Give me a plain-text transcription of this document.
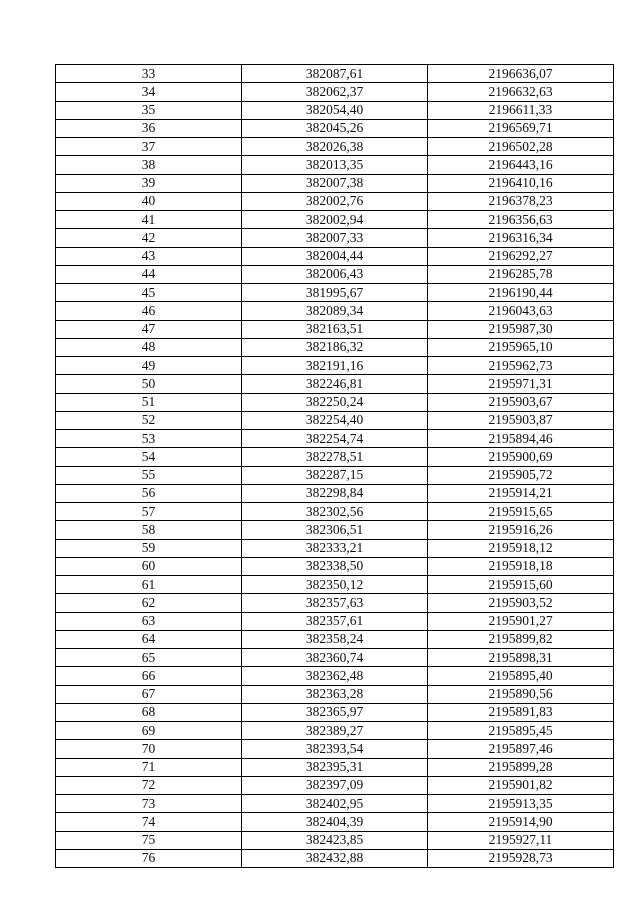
33	382087,61	2196636,07
34	382062,37	2196632,63
35	382054,40	2196611,33
36	382045,26	2196569,71
37	382026,38	2196502,28
38	382013,35	2196443,16
39	382007,38	2196410,16
40	382002,76	2196378,23
41	382002,94	2196356,63
42	382007,33	2196316,34
43	382004,44	2196292,27
44	382006,43	2196285,78
45	381995,67	2196190,44
46	382089,34	2196043,63
47	382163,51	2195987,30
48	382186,32	2195965,10
49	382191,16	2195962,73
50	382246,81	2195971,31
51	382250,24	2195903,67
52	382254,40	2195903,87
53	382254,74	2195894,46
54	382278,51	2195900,69
55	382287,15	2195905,72
56	382298,84	2195914,21
57	382302,56	2195915,65
58	382306,51	2195916,26
59	382333,21	2195918,12
60	382338,50	2195918,18
61	382350,12	2195915,60
62	382357,63	2195903,52
63	382357,61	2195901,27
64	382358,24	2195899,82
65	382360,74	2195898,31
66	382362,48	2195895,40
67	382363,28	2195890,56
68	382365,97	2195891,83
69	382389,27	2195895,45
70	382393,54	2195897,46
71	382395,31	2195899,28
72	382397,09	2195901,82
73	382402,95	2195913,35
74	382404,39	2195914,90
75	382423,85	2195927,11
76	382432,88	2195928,73
